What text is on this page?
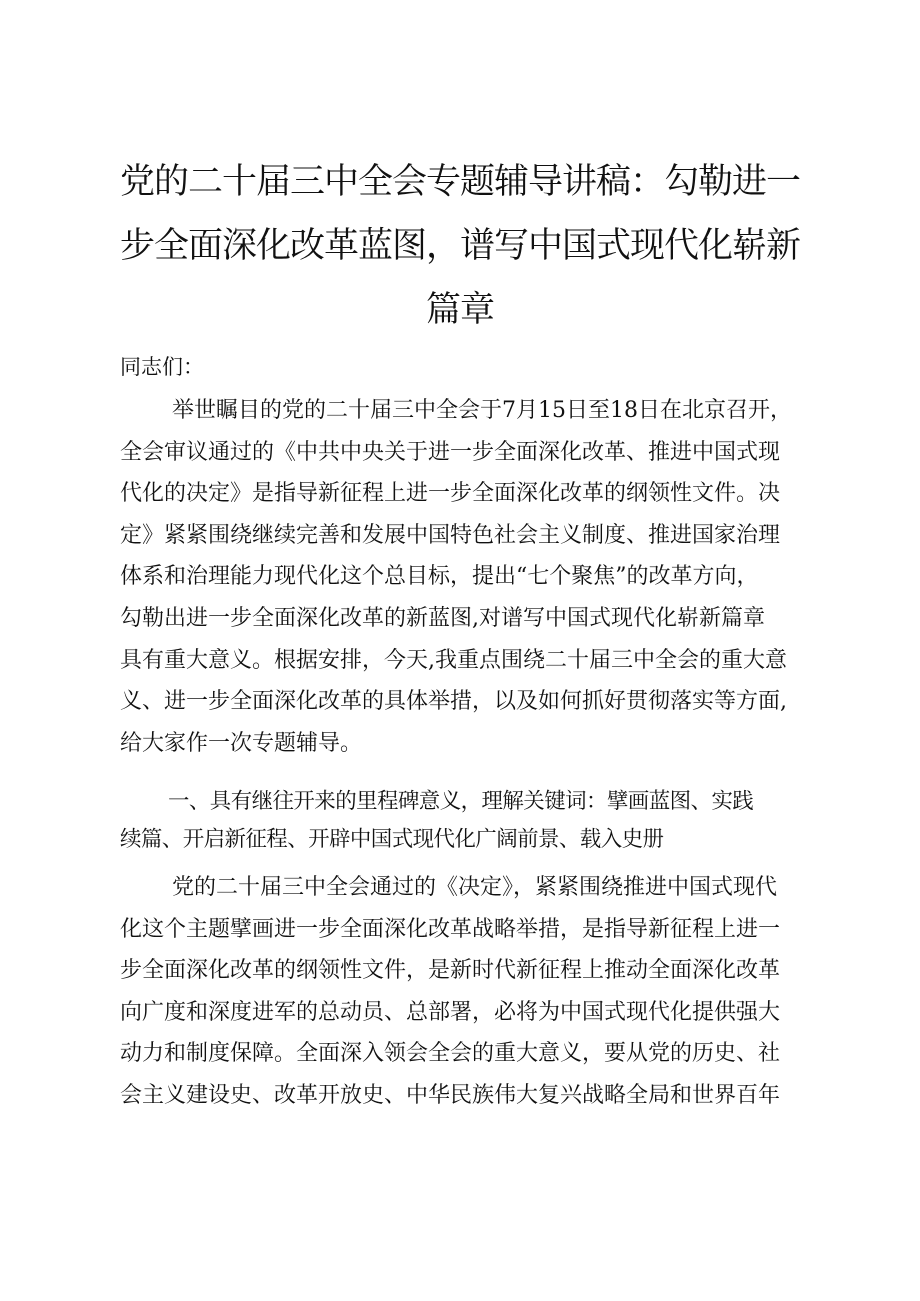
党的二十届三中全会专题辅导讲稿：勾勒进一
步全面深化改革蓝图，谱写中国式现代化崭新
篇章

同志们：

举世瞩目的党的二十届三中全会于7月15日至18日在北京召开，
全会审议通过的《中共中央关于进一步全面深化改革、推进中国式现
代化的决定》是指导新征程上进一步全面深化改革的纲领性文件。决
定》紧紧围绕继续完善和发展中国特色社会主义制度、推进国家治理
体系和治理能力现代化这个总目标，提出“七个聚焦”的改革方向，
勾勒出进一步全面深化改革的新蓝图,对谱写中国式现代化崭新篇章
具有重大意义。根据安排，今天,我重点围绕二十届三中全会的重大意
义、进一步全面深化改革的具体举措，以及如何抓好贯彻落实等方面,
给大家作一次专题辅导。

一、具有继往开来的里程碑意义，理解关键词：擘画蓝图、实践
续篇、开启新征程、开辟中国式现代化广阔前景、载入史册

党的二十届三中全会通过的《决定》，紧紧围绕推进中国式现代
化这个主题擘画进一步全面深化改革战略举措，是指导新征程上进一
步全面深化改革的纲领性文件，是新时代新征程上推动全面深化改革
向广度和深度进军的总动员、总部署，必将为中国式现代化提供强大
动力和制度保障。全面深入领会全会的重大意义，要从党的历史、社
会主义建设史、改革开放史、中华民族伟大复兴战略全局和世界百年
